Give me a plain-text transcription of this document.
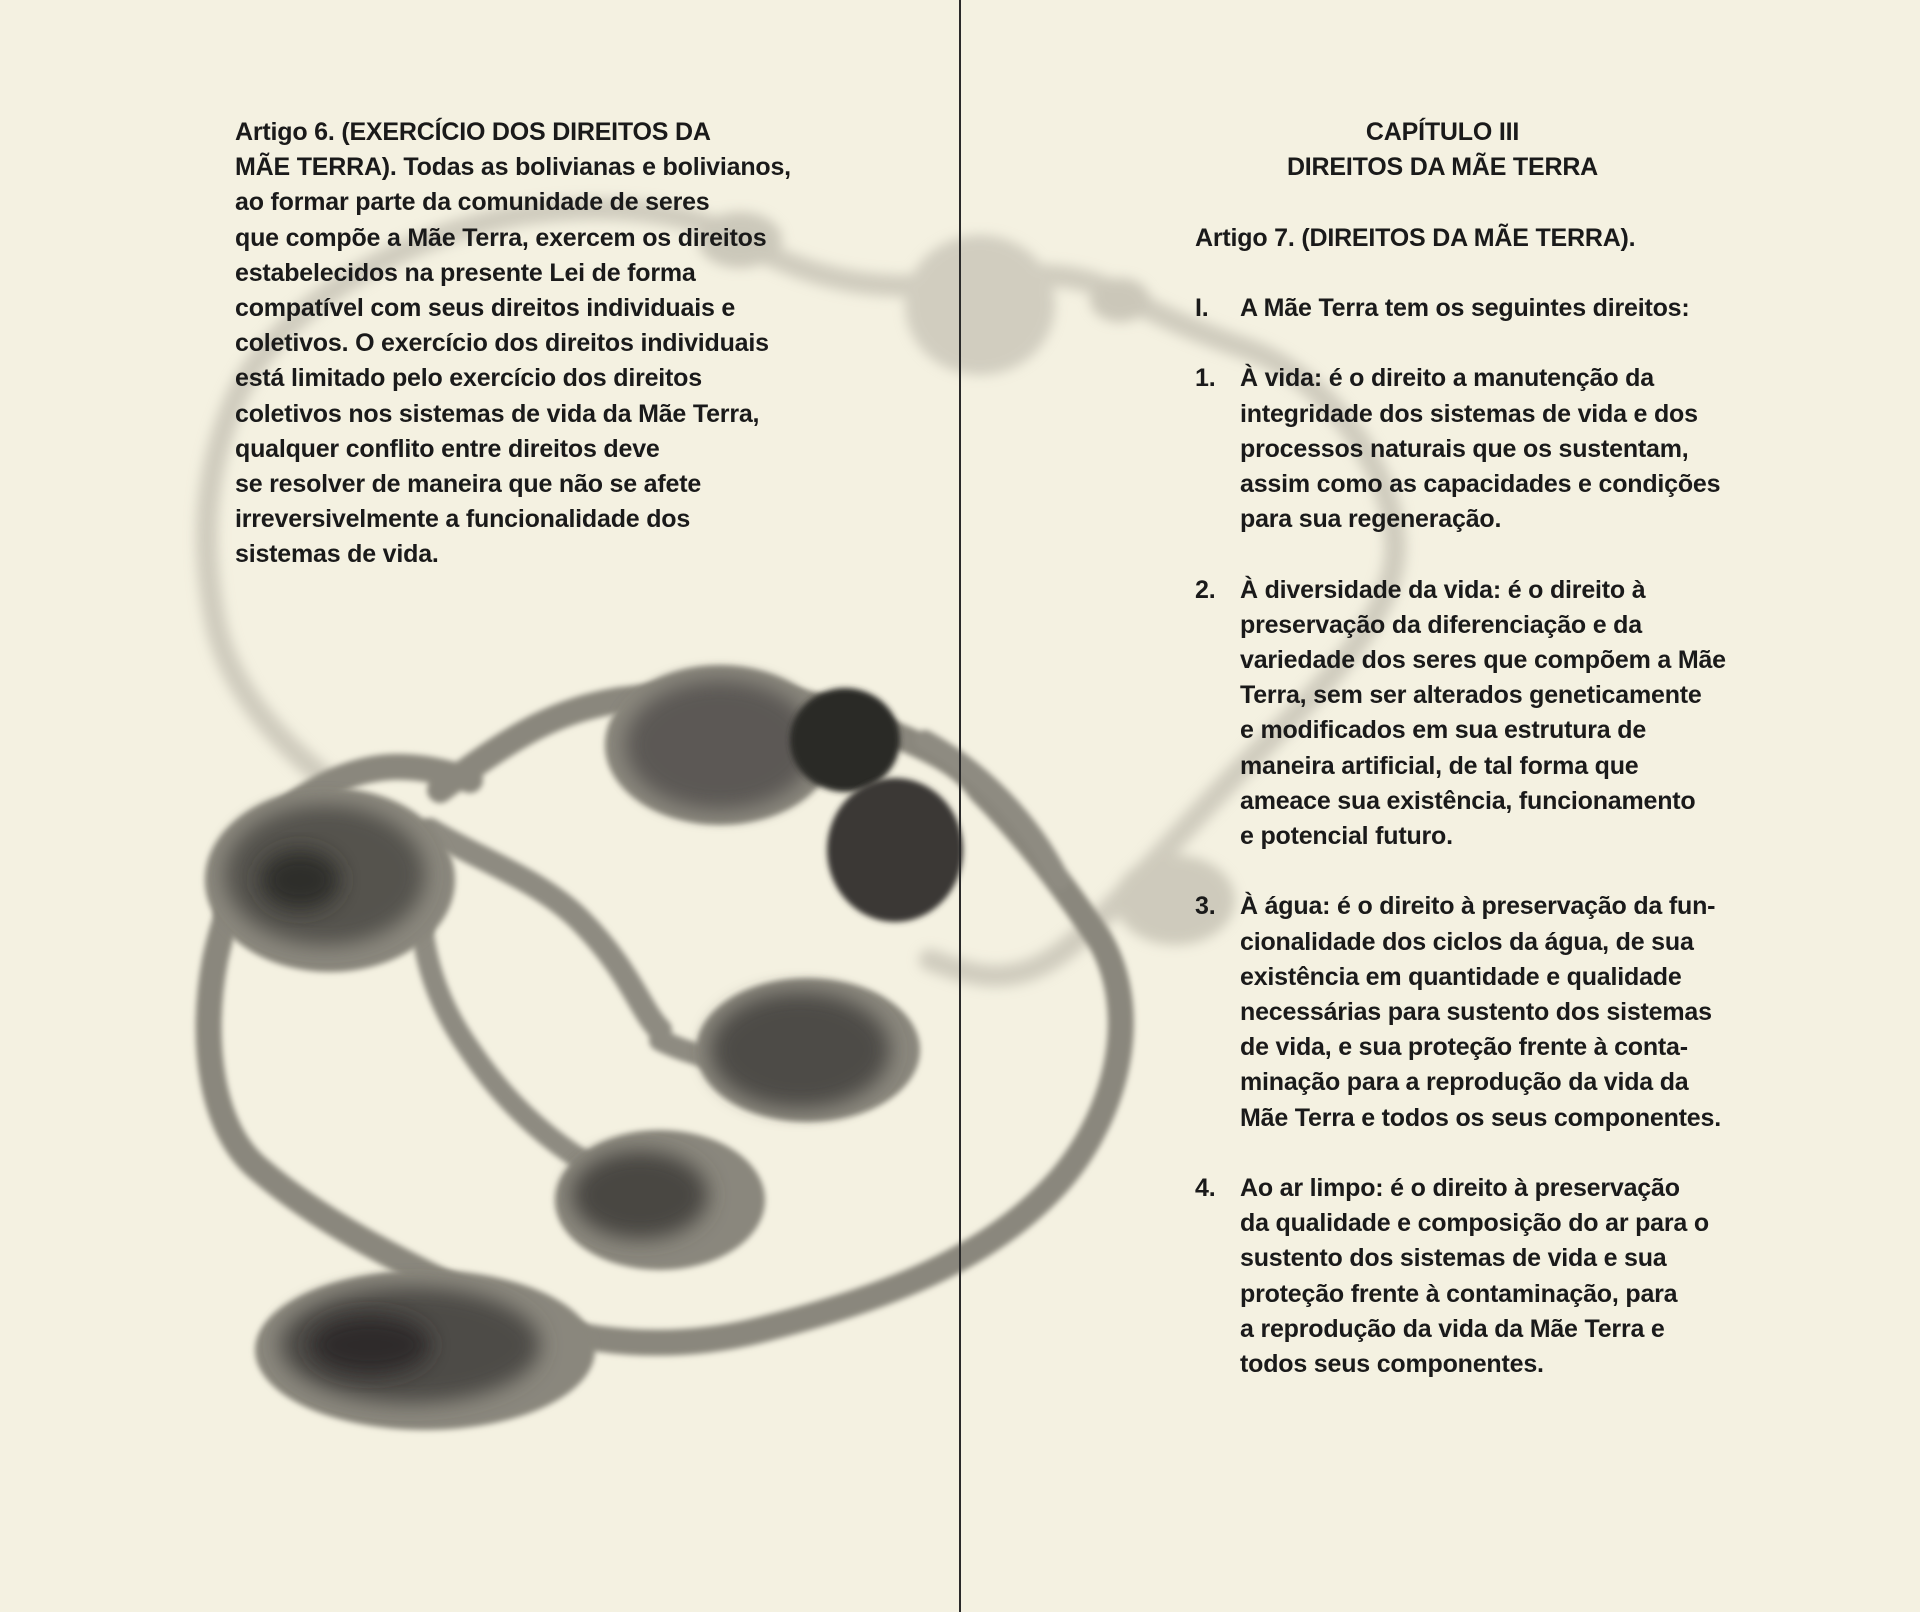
Artigo 6. (EXERCÍCIO DOS DIREITOS DA
MÃE TERRA). Todas as bolivianas e bolivianos,
ao formar parte da comunidade de seres
que compõe a Mãe Terra, exercem os direitos
estabelecidos na presente Lei de forma
compatível com seus direitos individuais e
coletivos. O exercício dos direitos individuais
está limitado pelo exercício dos direitos
coletivos nos sistemas de vida da Mãe Terra,
qualquer conflito entre direitos deve
se resolver de maneira que não se afete
irreversivelmente a funcionalidade dos
sistemas de vida.
CAPÍTULO III
DIREITOS DA MÃE TERRA
Artigo 7. (DIREITOS DA MÃE TERRA).
I.	A Mãe Terra tem os seguintes direitos:
1. À vida: é o direito a manutenção da
integridade dos sistemas de vida e dos
processos naturais que os sustentam,
assim como as capacidades e condições
para sua regeneração.
2. À diversidade da vida: é o direito à
preservação da diferenciação e da
variedade dos seres que compõem a Mãe
Terra, sem ser alterados geneticamente
e modificados em sua estrutura de
maneira artificial, de tal forma que
ameace sua existência, funcionamento
e potencial futuro.
3. À água: é o direito à preservação da fun-
cionalidade dos ciclos da água, de sua
existência em quantidade e qualidade
necessárias para sustento dos sistemas
de vida, e sua proteção frente à conta-
minação para a reprodução da vida da
Mãe Terra e todos os seus componentes.
4. Ao ar limpo: é o direito à preservação
da qualidade e composição do ar para o
sustento dos sistemas de vida e sua
proteção frente à contaminação, para
a reprodução da vida da Mãe Terra e
todos seus componentes.
